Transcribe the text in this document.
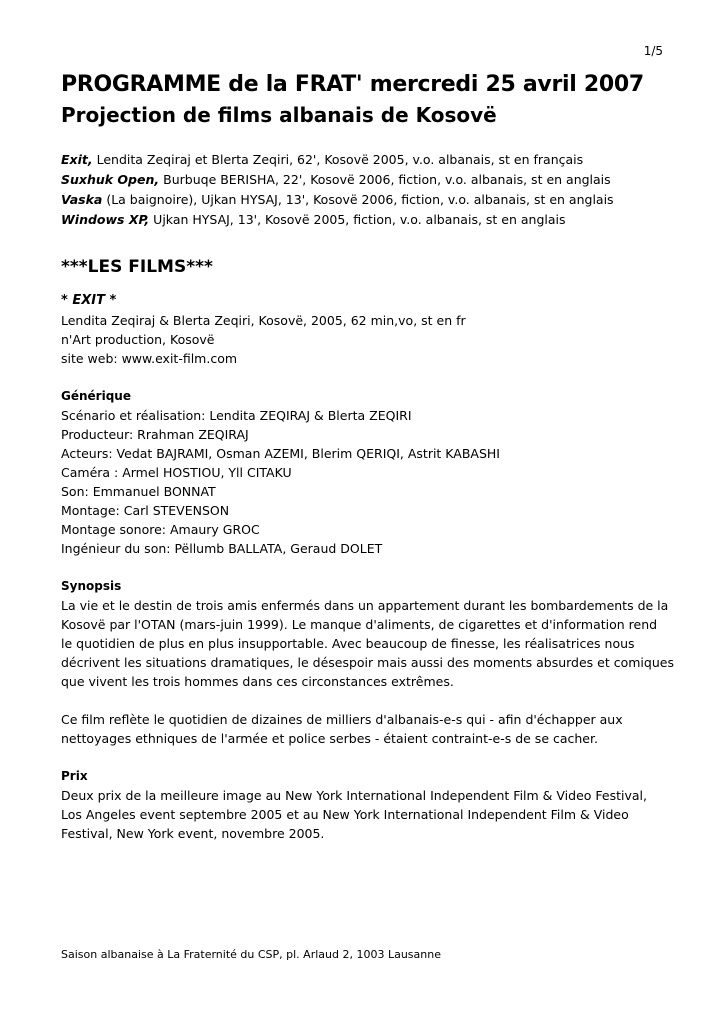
1/5
PROGRAMME de la FRAT' mercredi 25 avril 2007
Projection de films albanais de Kosovë
Exit, Lendita Zeqiraj et Blerta Zeqiri, 62', Kosovë 2005, v.o. albanais, st en français
Suxhuk Open, Burbuqe BERISHA, 22', Kosovë 2006, fiction, v.o. albanais, st en anglais
Vaska (La baignoire), Ujkan HYSAJ, 13', Kosovë 2006, fiction, v.o. albanais, st en anglais
Windows XP, Ujkan HYSAJ, 13', Kosovë 2005, fiction, v.o. albanais, st en anglais
***LES FILMS***
* EXIT *
Lendita Zeqiraj & Blerta Zeqiri, Kosovë, 2005, 62 min,vo, st en fr
n'Art production, Kosovë
site web: www.exit-film.com
Générique
Scénario et réalisation: Lendita ZEQIRAJ & Blerta ZEQIRI
Producteur: Rrahman ZEQIRAJ
Acteurs: Vedat BAJRAMI, Osman AZEMI, Blerim QERIQI, Astrit KABASHI
Caméra : Armel HOSTIOU, Yll CITAKU
Son: Emmanuel BONNAT
Montage: Carl STEVENSON
Montage sonore: Amaury GROC
Ingénieur du son: Pëllumb BALLATA, Geraud DOLET
Synopsis
La vie et le destin de trois amis enfermés dans un appartement durant les bombardements de la
Kosovë par l'OTAN (mars-juin 1999). Le manque d'aliments, de cigarettes et d'information rend
le quotidien de plus en plus insupportable. Avec beaucoup de finesse, les réalisatrices nous
décrivent les situations dramatiques, le désespoir mais aussi des moments absurdes et comiques
que vivent les trois hommes dans ces circonstances extrêmes.
Ce film reflète le quotidien de dizaines de milliers d'albanais-e-s qui - afin d'échapper aux
nettoyages ethniques de l'armée et police serbes - étaient contraint-e-s de se cacher.
Prix
Deux prix de la meilleure image au New York International Independent Film & Video Festival,
Los Angeles event septembre 2005 et au New York International Independent Film & Video
Festival, New York event, novembre 2005.
Saison albanaise à La Fraternité du CSP, pl. Arlaud 2, 1003 Lausanne
